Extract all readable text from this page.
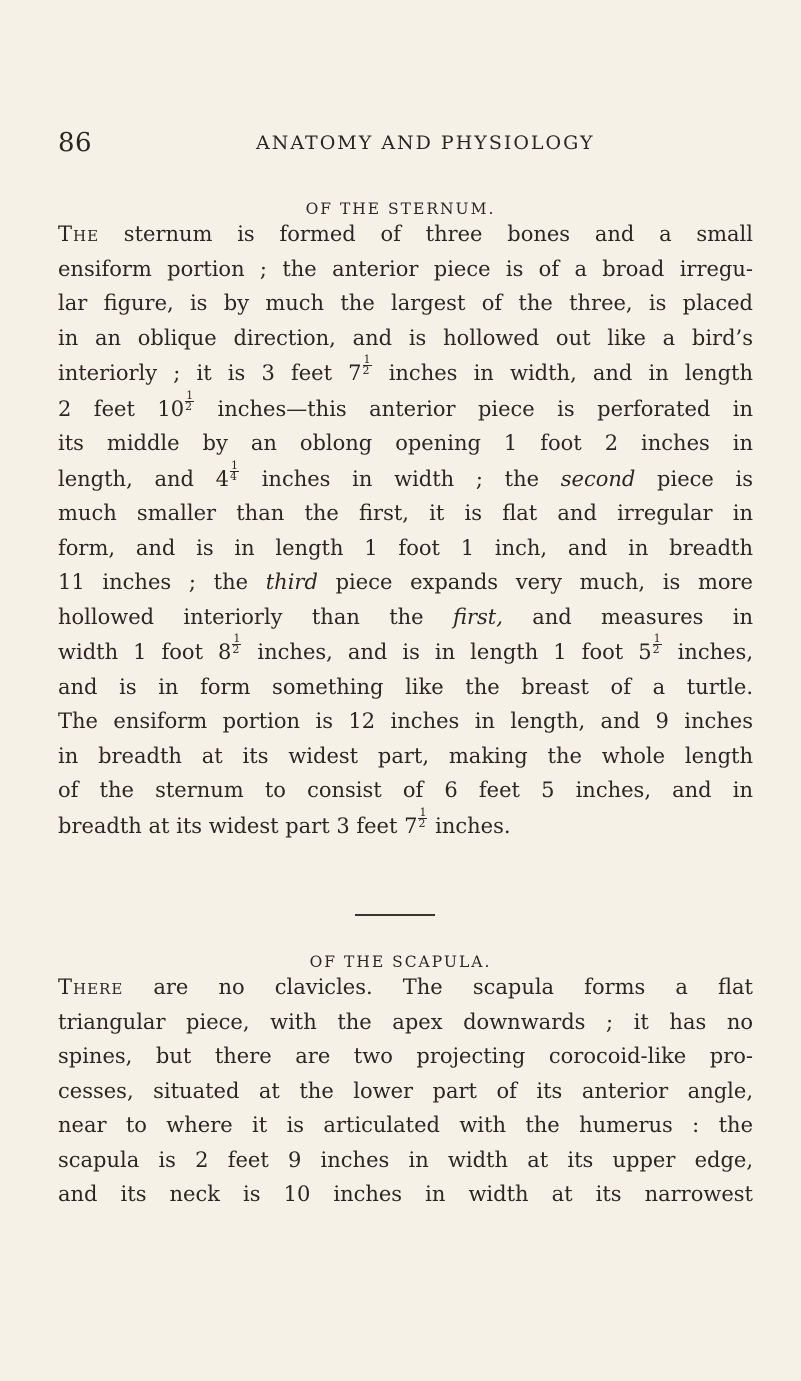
86	ANATOMY AND PHYSIOLOGY
OF THE STERNUM.
The sternum is formed of three bones and a small
ensiform portion ; the anterior piece is of a broad irregu-
lar figure, is by much the largest of the three, is placed
in an oblique direction, and is hollowed out like a bird’s
interiorly ; it is 3 feet $7 \frac{1}{2}$ inches in width, and in length
2 feet $10 \frac{1}{2}$ inches—this anterior piece is perforated in
its middle by an oblong opening 1 foot 2 inches in
length, and $4 \frac{1}{4}$ inches in width ; the second piece is
much smaller than the first, it is flat and irregular in
form, and is in length 1 foot 1 inch, and in breadth
11 inches ; the third piece expands very much, is more
hollowed interiorly than the first, and measures in
width 1 foot $8 \frac{1}{2}$ inches, and is in length 1 foot $5 \frac{1}{2}$ inches,
and is in form something like the breast of a turtle.
The ensiform portion is 12 inches in length, and 9 inches
in breadth at its widest part, making the whole length
of the sternum to consist of 6 feet 5 inches, and in
breadth at its widest part 3 feet $7 \frac{1}{2}$ inches.
OF THE SCAPULA.
There are no clavicles. The scapula forms a flat
triangular piece, with the apex downwards ; it has no
spines, but there are two projecting corocoid-like pro-
cesses, situated at the lower part of its anterior angle,
near to where it is articulated with the humerus : the
scapula is 2 feet 9 inches in width at its upper edge,
and its neck is 10 inches in width at its narrowest
